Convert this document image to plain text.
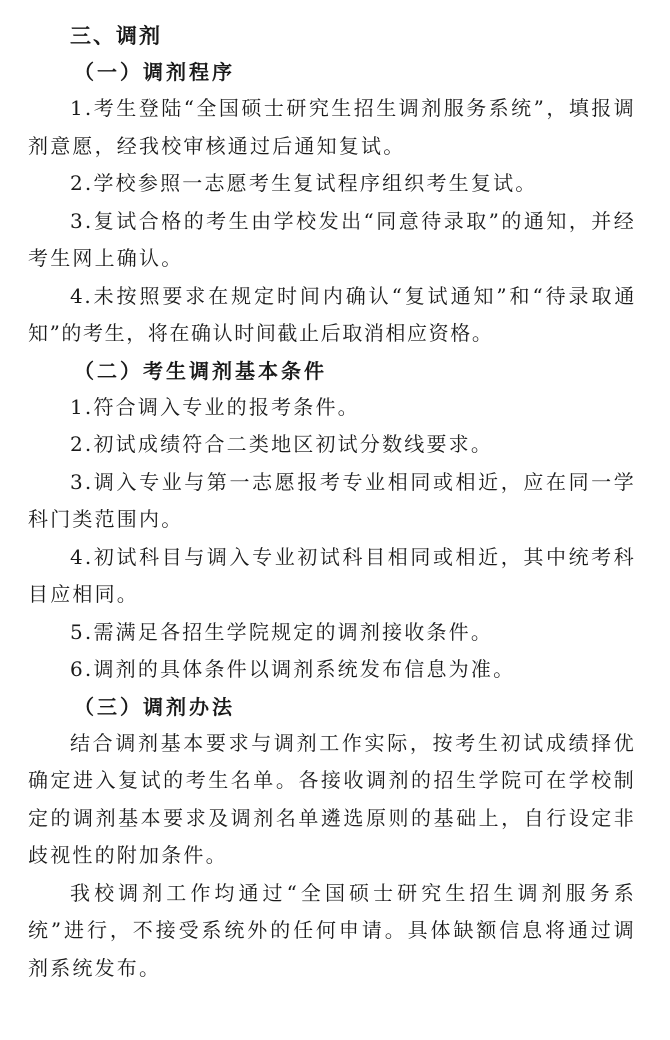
三、调剂
（一）调剂程序

1.考生登陆“全国硕士研究生招生调剂服务系统”，填报调剂意愿，经我校审核通过后通知复试。

2.学校参照一志愿考生复试程序组织考生复试。

3.复试合格的考生由学校发出“同意待录取”的通知，并经考生网上确认。

4.未按照要求在规定时间内确认“复试通知”和“待录取通知”的考生，将在确认时间截止后取消相应资格。

（二）考生调剂基本条件

1.符合调入专业的报考条件。

2.初试成绩符合二类地区初试分数线要求。

3.调入专业与第一志愿报考专业相同或相近，应在同一学科门类范围内。

4.初试科目与调入专业初试科目相同或相近，其中统考科目应相同。

5.需满足各招生学院规定的调剂接收条件。

6.调剂的具体条件以调剂系统发布信息为准。

（三）调剂办法

结合调剂基本要求与调剂工作实际，按考生初试成绩择优确定进入复试的考生名单。各接收调剂的招生学院可在学校制定的调剂基本要求及调剂名单遴选原则的基础上，自行设定非歧视性的附加条件。

我校调剂工作均通过“全国硕士研究生招生调剂服务系统”进行，不接受系统外的任何申请。具体缺额信息将通过调剂系统发布。
